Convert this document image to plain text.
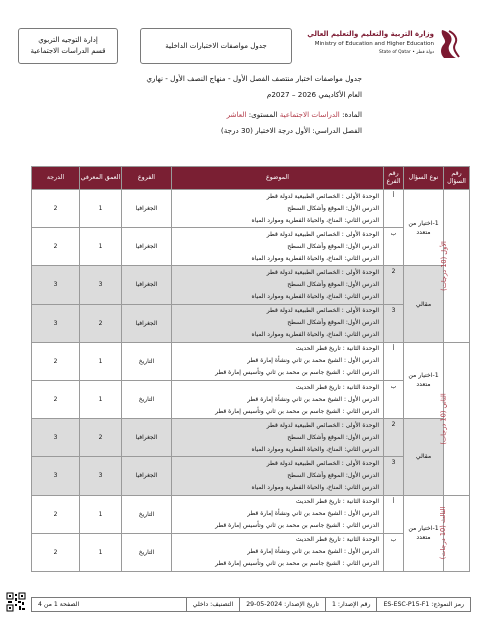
إدارة التوجيه التربوي
قسم الدراسات الاجتماعية
جدول مواصفات الاختبارات الداخلية
وزارة التربية والتعليم والتعليم العالي
Ministry of Education and Higher Education
State of Qatar • دولة قطر
جدول مواصفات اختبار منتصف الفصل الأول - منهاج النصف الأول - نهاري
العام الأكاديمي 2026 – 2027م
المادة: الدراسات الاجتماعية المستوى: العاشر
الفصل الدراسي: الأول درجة الاختبار (30 درجة)
رقم السؤال	نوع السؤال	رقم الفرع	الموضوع	الفروع	العمق المعرفي	الدرجة
الأول (10 درجات)	1-اختيار من متعدد	أ	الوحدة الأولى : الخصائص الطبيعية لدولة قطر
الدرس الأول: الموقع وأشكال السطح
الدرس الثاني: المناخ، والحياة الفطرية وموارد المياه	الجغرافيا	1	2
		ب	الوحدة الأولى : الخصائص الطبيعية لدولة قطر
الدرس الأول: الموقع وأشكال السطح
الدرس الثاني: المناخ، والحياة الفطرية وموارد المياه	الجغرافيا	1	2
	مقالي	2	الوحدة الأولى : الخصائص الطبيعية لدولة قطر
الدرس الأول: الموقع وأشكال السطح
الدرس الثاني: المناخ، والحياة الفطرية وموارد المياه	الجغرافيا	3	3
		3	الوحدة الأولى : الخصائص الطبيعية لدولة قطر
الدرس الأول: الموقع وأشكال السطح
الدرس الثاني: المناخ، والحياة الفطرية وموارد المياه	الجغرافيا	2	3
الثاني (10 درجات)	1-اختيار من متعدد	أ	الوحدة الثانية : تاريخ قطر الحديث
الدرس الأول : الشيخ محمد بن ثاني ونشأة إمارة قطر
الدرس الثاني : الشيخ جاسم بن محمد بن ثاني وتأسيس إمارة قطر	التاريخ	1	2
		ب	الوحدة الثانية : تاريخ قطر الحديث
الدرس الأول : الشيخ محمد بن ثاني ونشأة إمارة قطر
الدرس الثاني : الشيخ جاسم بن محمد بن ثاني وتأسيس إمارة قطر	التاريخ	1	2
	مقالي	2	الوحدة الأولى : الخصائص الطبيعية لدولة قطر
الدرس الأول: الموقع وأشكال السطح
الدرس الثاني: المناخ، والحياة الفطرية وموارد المياه	الجغرافيا	2	3
		3	الوحدة الأولى : الخصائص الطبيعية لدولة قطر
الدرس الأول: الموقع وأشكال السطح
الدرس الثاني: المناخ، والحياة الفطرية وموارد المياه	الجغرافيا	3	3
الثالث (10 درجات)	1-اختيار من متعدد	أ	الوحدة الثانية : تاريخ قطر الحديث
الدرس الأول : الشيخ محمد بن ثاني ونشأة إمارة قطر
الدرس الثاني : الشيخ جاسم بن محمد بن ثاني وتأسيس إمارة قطر	التاريخ	1	2
		ب	الوحدة الثانية : تاريخ قطر الحديث
الدرس الأول : الشيخ محمد بن ثاني ونشأة إمارة قطر
الدرس الثاني : الشيخ جاسم بن محمد بن ثاني وتأسيس إمارة قطر	التاريخ	1	2
رمز النموذج: ES-ESC-P15-F1
رقم الإصدار: 1
تاريخ الإصدار: 2024-05-29
التصنيف: داخلي
الصفحة 1 من 4
